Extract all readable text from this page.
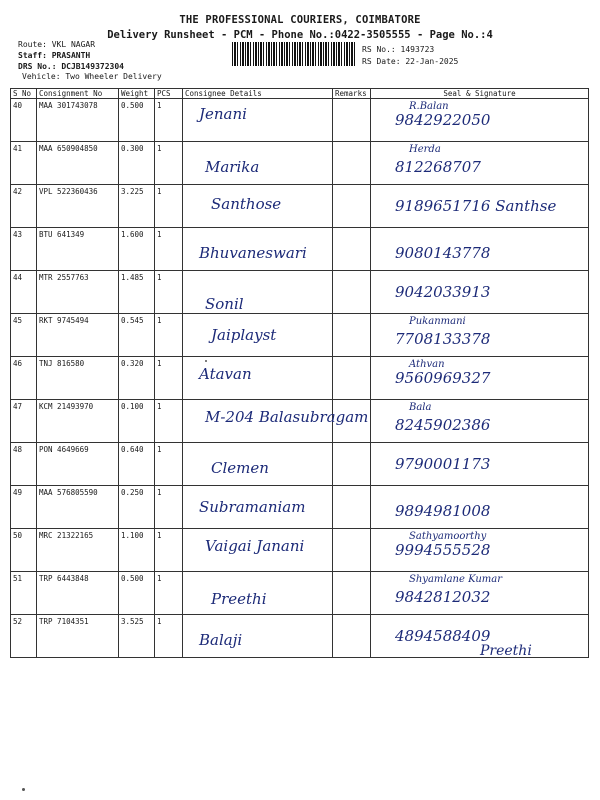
THE PROFESSIONAL COURIERS, COIMBATORE
Delivery Runsheet - PCM - Phone No.:0422-3505555 - Page No.:4
Route: VKL NAGAR
Staff: PRASANTH
DRS No.: DCJB149372304
Vehicle: Two Wheeler Delivery
RS No.: 1493723
RS Date: 22-Jan-2025
S No	Consignment No	Weight	PCS	Consignee Details	Remarks	Seal & Signature
40	MAA 301743078	0.500	1	Jenani		R.Balan
9842922050

41	MAA 650904850	0.300	1	Marika		Herda
812268707

42	VPL 522360436	3.225	1	Santhose		9189651716 Santhse

43	BTU 641349	1.600	1	Bhuvaneswari		9080143778

44	MTR 2557763	1.485	1	Sonil		9042033913

45	RKT 9745494	0.545	1	Jaiplayst		Pukanmani
7708133378

46	TNJ 816580	0.320	1	Atavan		Athvan
9560969327

47	KCM 21493970	0.100	1	M-204 Balasubragam		Bala
8245902386

48	PON 4649669	0.640	1	Clemen		9790001173

49	MAA 576805590	0.250	1	Subramaniam		9894981008

50	MRC 21322165	1.100	1	Vaigai Janani		Sathyamoorthy
9994555528

51	TRP 6443848	0.500	1	Preethi		Shyamlane Kumar
9842812032

52	TRP 7104351	3.525	1	Balaji		4894588409
Preethi
